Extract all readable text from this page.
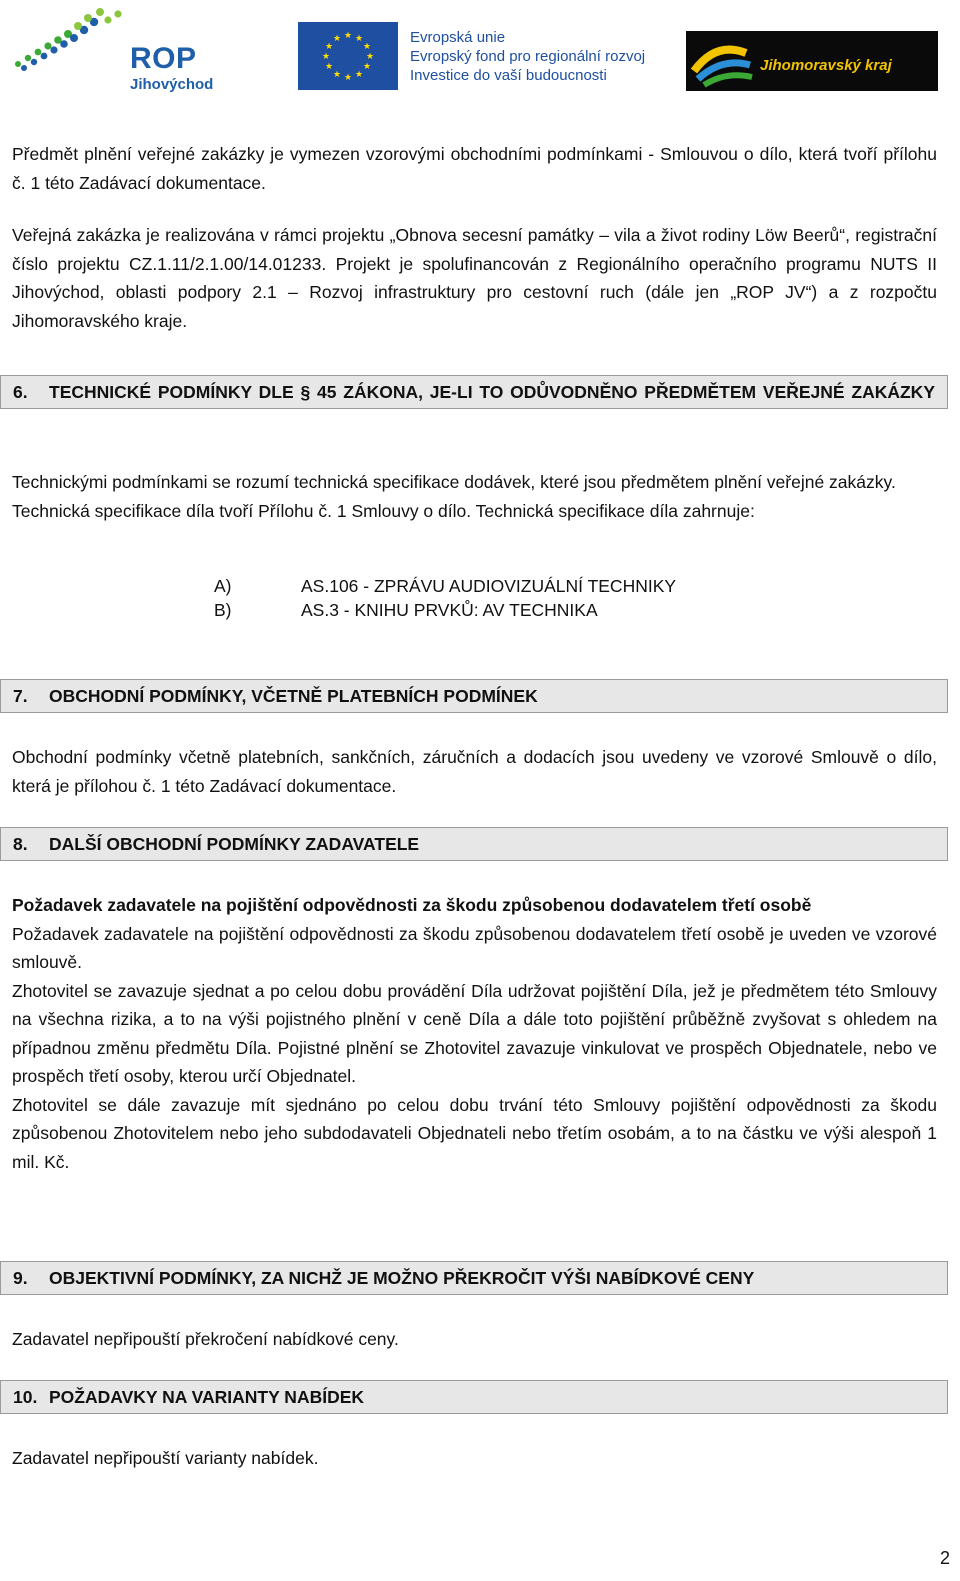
ROP
Jihovýchod
★ ★
★
★
★
★
★
★
★
★
★
★	Evropská unie
Evropský fond pro regionální rozvoj
Investice do vaší budoucnosti
Jihomoravský kraj

Předmět plnění veřejné zakázky je vymezen vzorovými obchodními podmínkami - Smlouvou o dílo, která tvoří přílohu č. 1 této Zadávací dokumentace.

Veřejná zakázka je realizována v rámci projektu „Obnova secesní památky – vila a život rodiny Löw Beerů“, registrační číslo projektu CZ.1.11/2.1.00/14.01233. Projekt je spolufinancován z Regionálního operačního programu NUTS II Jihovýchod, oblasti podpory 2.1 – Rozvoj infrastruktury pro cestovní ruch (dále jen „ROP JV“) a z rozpočtu Jihomoravského kraje.

6. TECHNICKÉ PODMÍNKY DLE § 45 ZÁKONA, JE-LI TO ODŮVODNĚNO PŘEDMĚTEM VEŘEJNÉ ZAKÁZKY

Technickými podmínkami se rozumí technická specifikace dodávek, které jsou předmětem plnění veřejné zakázky.

Technická specifikace díla tvoří Přílohu č. 1 Smlouvy o dílo. Technická specifikace díla zahrnuje:

A)	AS.106 - ZPRÁVU AUDIOVIZUÁLNÍ TECHNIKY
B)	AS.3 - KNIHU PRVKŮ: AV TECHNIKA
7. OBCHODNÍ PODMÍNKY, VČETNĚ PLATEBNÍCH PODMÍNEK

Obchodní podmínky včetně platebních, sankčních, záručních a dodacích jsou uvedeny ve vzorové Smlouvě o dílo, která je přílohou č. 1 této Zadávací dokumentace.

8. DALŠÍ OBCHODNÍ PODMÍNKY ZADAVATELE

Požadavek zadavatele na pojištění odpovědnosti za škodu způsobenou dodavatelem třetí osobě

Požadavek zadavatele na pojištění odpovědnosti za škodu způsobenou dodavatelem třetí osobě je uveden ve vzorové smlouvě.

Zhotovitel se zavazuje sjednat a po celou dobu provádění Díla udržovat pojištění Díla, jež je předmětem této Smlouvy na všechna rizika, a to na výši pojistného plnění v ceně Díla a dále toto pojištění průběžně zvyšovat s ohledem na případnou změnu předmětu Díla. Pojistné plnění se Zhotovitel zavazuje vinkulovat ve prospěch Objednatele, nebo ve prospěch třetí osoby, kterou určí Objednatel.

Zhotovitel se dále zavazuje mít sjednáno po celou dobu trvání této Smlouvy pojištění odpovědnosti za škodu způsobenou Zhotovitelem nebo jeho subdodavateli Objednateli nebo třetím osobám, a to na částku ve výši alespoň 1 mil. Kč.

9. OBJEKTIVNÍ PODMÍNKY, ZA NICHŽ JE MOŽNO PŘEKROČIT VÝŠI NABÍDKOVÉ CENY

Zadavatel nepřipouští překročení nabídkové ceny.

10. POŽADAVKY NA VARIANTY NABÍDEK

Zadavatel nepřipouští varianty nabídek.

2
